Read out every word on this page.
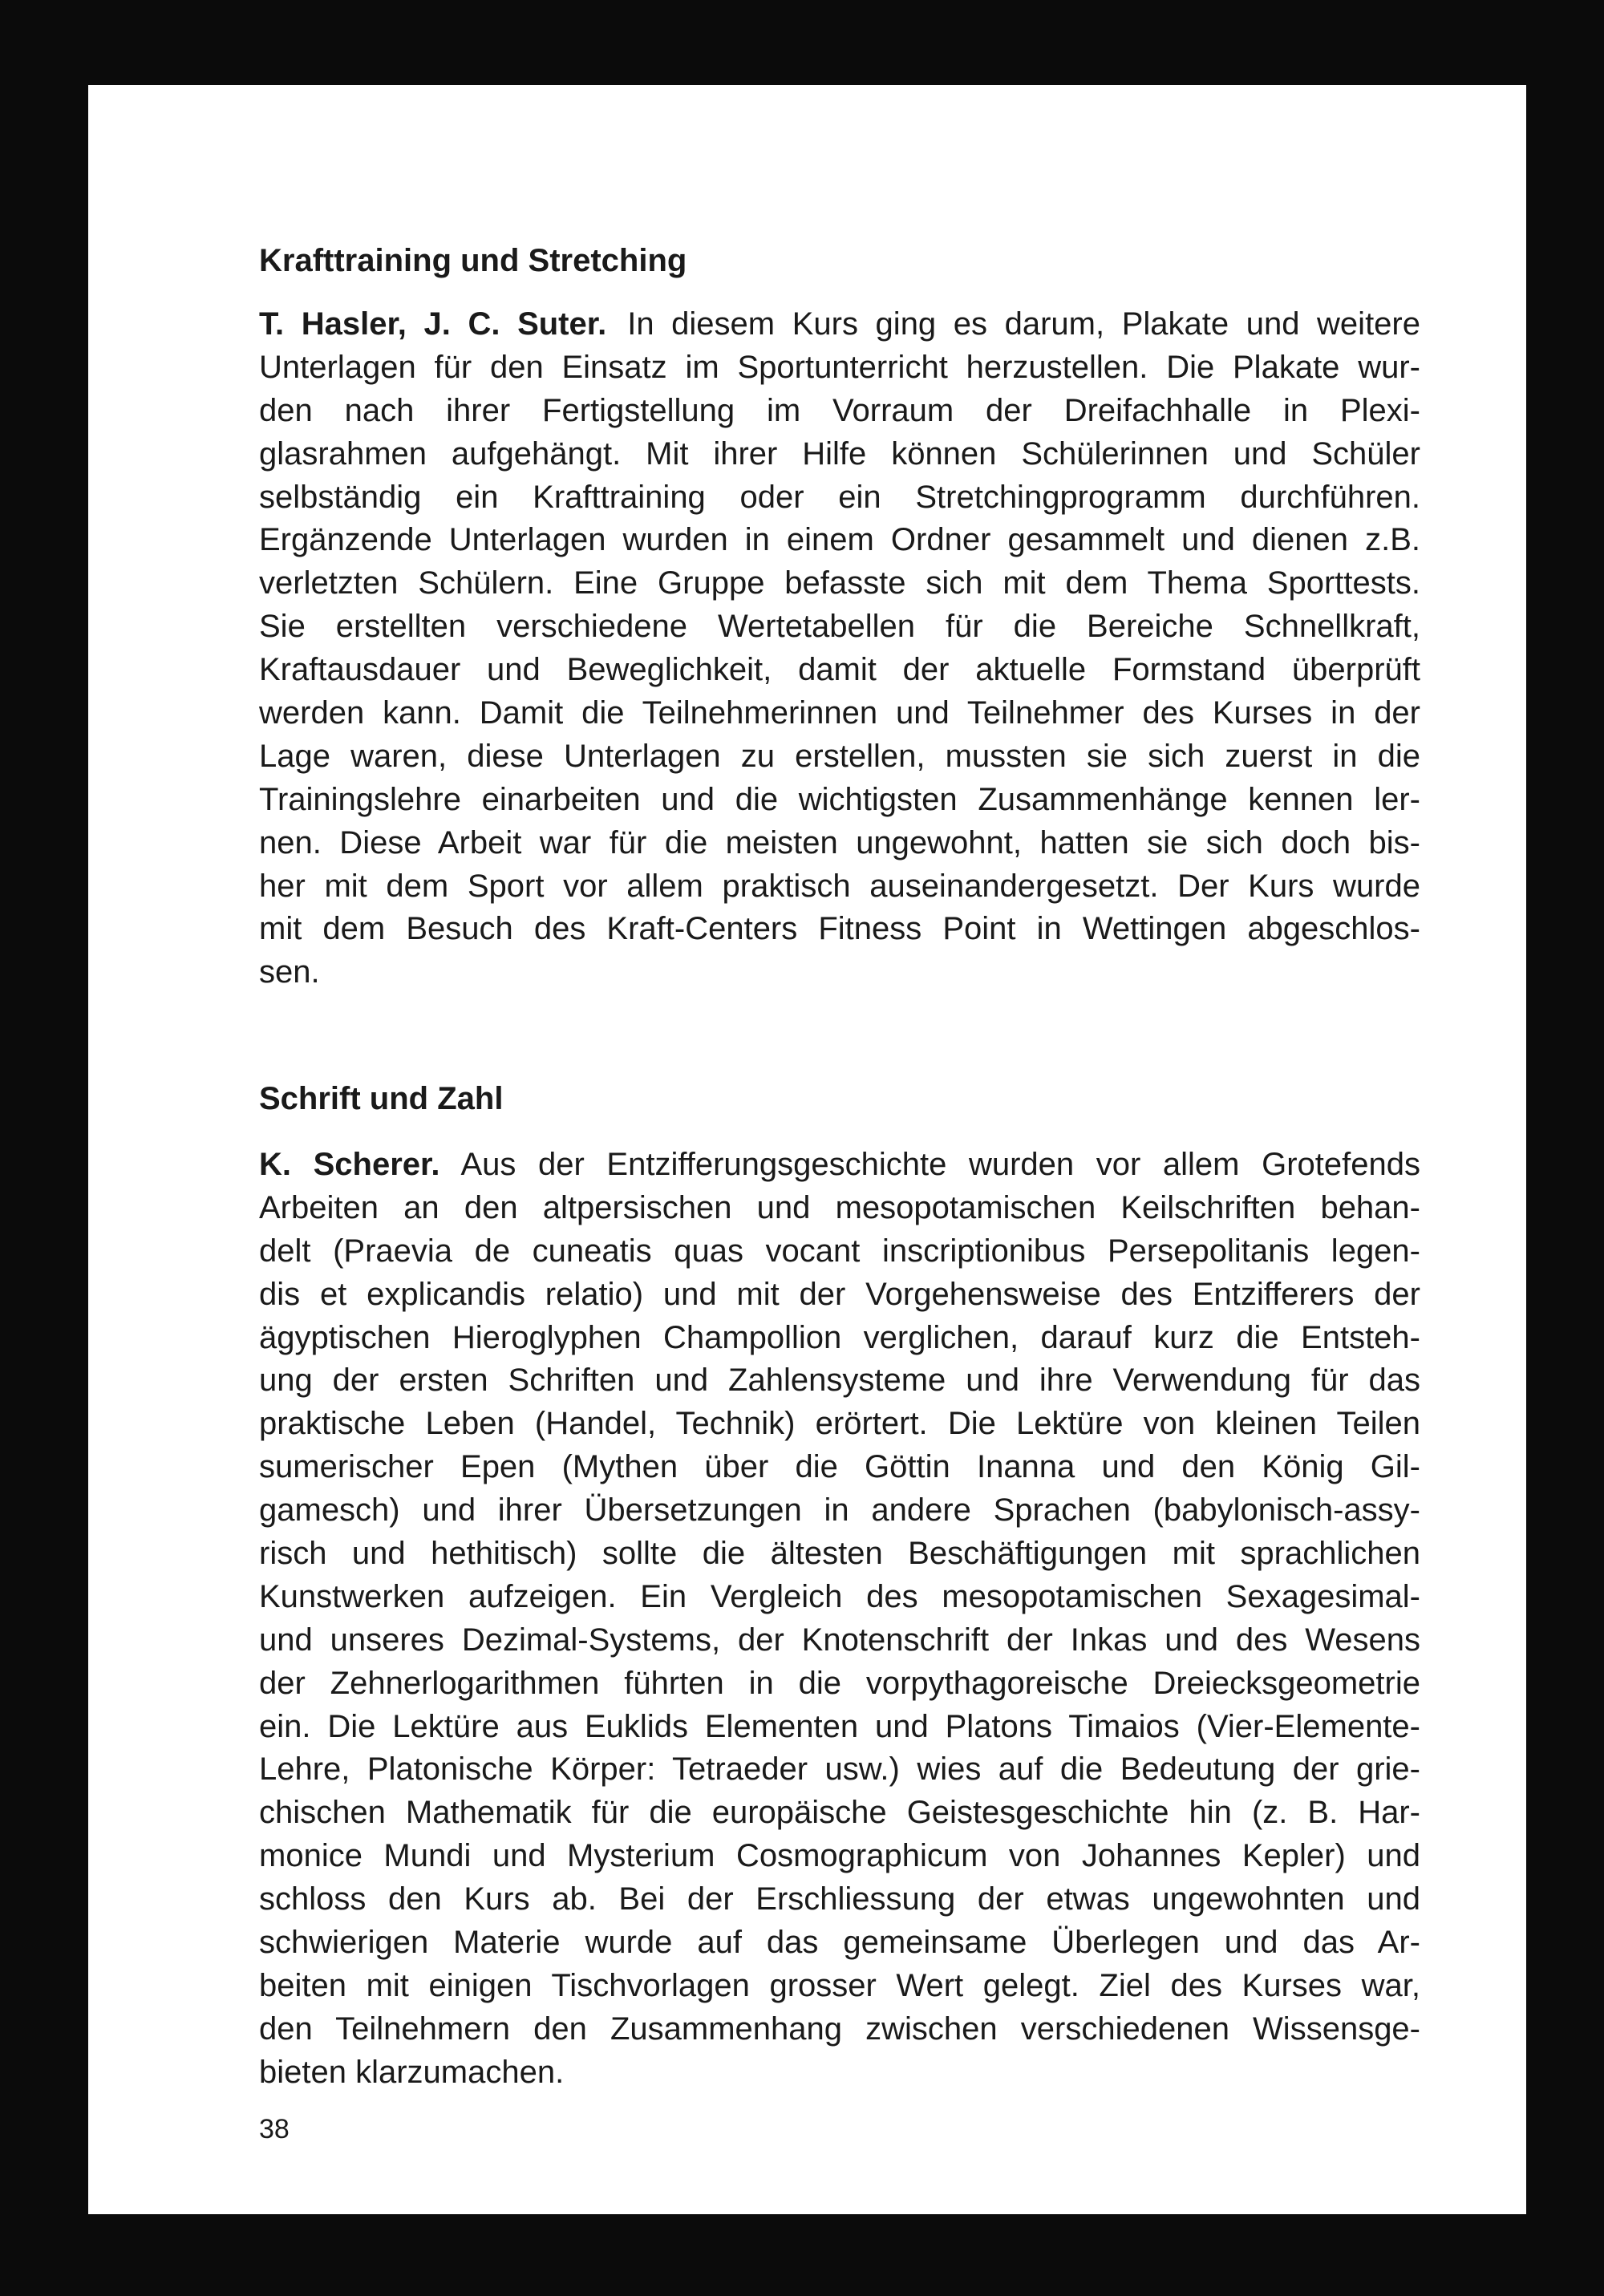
Krafttraining und Stretching
T. Hasler, J. C. Suter. In diesem Kurs ging es darum, Plakate und weitere
Unterlagen für den Einsatz im Sportunterricht herzustellen. Die Plakate wur-
den nach ihrer Fertigstellung im Vorraum der Dreifachhalle in Plexi-
glasrahmen aufgehängt. Mit ihrer Hilfe können Schülerinnen und Schüler
selbständig ein Krafttraining oder ein Stretchingprogramm durchführen.
Ergänzende Unterlagen wurden in einem Ordner gesammelt und dienen z.B.
verletzten Schülern. Eine Gruppe befasste sich mit dem Thema Sporttests.
Sie erstellten verschiedene Wertetabellen für die Bereiche Schnellkraft,
Kraftausdauer und Beweglichkeit, damit der aktuelle Formstand überprüft
werden kann. Damit die Teilnehmerinnen und Teilnehmer des Kurses in der
Lage waren, diese Unterlagen zu erstellen, mussten sie sich zuerst in die
Trainingslehre einarbeiten und die wichtigsten Zusammenhänge kennen ler-
nen. Diese Arbeit war für die meisten ungewohnt, hatten sie sich doch bis-
her mit dem Sport vor allem praktisch auseinandergesetzt. Der Kurs wurde
mit dem Besuch des Kraft-Centers Fitness Point in Wettingen abgeschlos-
sen.
Schrift und Zahl
K. Scherer. Aus der Entzifferungsgeschichte wurden vor allem Grotefends
Arbeiten an den altpersischen und mesopotamischen Keilschriften behan-
delt (Praevia de cuneatis quas vocant inscriptionibus Persepolitanis legen-
dis et explicandis relatio) und mit der Vorgehensweise des Entzifferers der
ägyptischen Hieroglyphen Champollion verglichen, darauf kurz die Entsteh-
ung der ersten Schriften und Zahlensysteme und ihre Verwendung für das
praktische Leben (Handel, Technik) erörtert. Die Lektüre von kleinen Teilen
sumerischer Epen (Mythen über die Göttin Inanna und den König Gil-
gamesch) und ihrer Übersetzungen in andere Sprachen (babylonisch-assy-
risch und hethitisch) sollte die ältesten Beschäftigungen mit sprachlichen
Kunstwerken aufzeigen. Ein Vergleich des mesopotamischen Sexagesimal-
und unseres Dezimal-Systems, der Knotenschrift der Inkas und des Wesens
der Zehnerlogarithmen führten in die vorpythagoreische Dreiecksgeometrie
ein. Die Lektüre aus Euklids Elementen und Platons Timaios (Vier-Elemente-
Lehre, Platonische Körper: Tetraeder usw.) wies auf die Bedeutung der grie-
chischen Mathematik für die europäische Geistesgeschichte hin (z. B. Har-
monice Mundi und Mysterium Cosmographicum von Johannes Kepler) und
schloss den Kurs ab. Bei der Erschliessung der etwas ungewohnten und
schwierigen Materie wurde auf das gemeinsame Überlegen und das Ar-
beiten mit einigen Tischvorlagen grosser Wert gelegt. Ziel des Kurses war,
den Teilnehmern den Zusammenhang zwischen verschiedenen Wissensge-
bieten klarzumachen.
38
